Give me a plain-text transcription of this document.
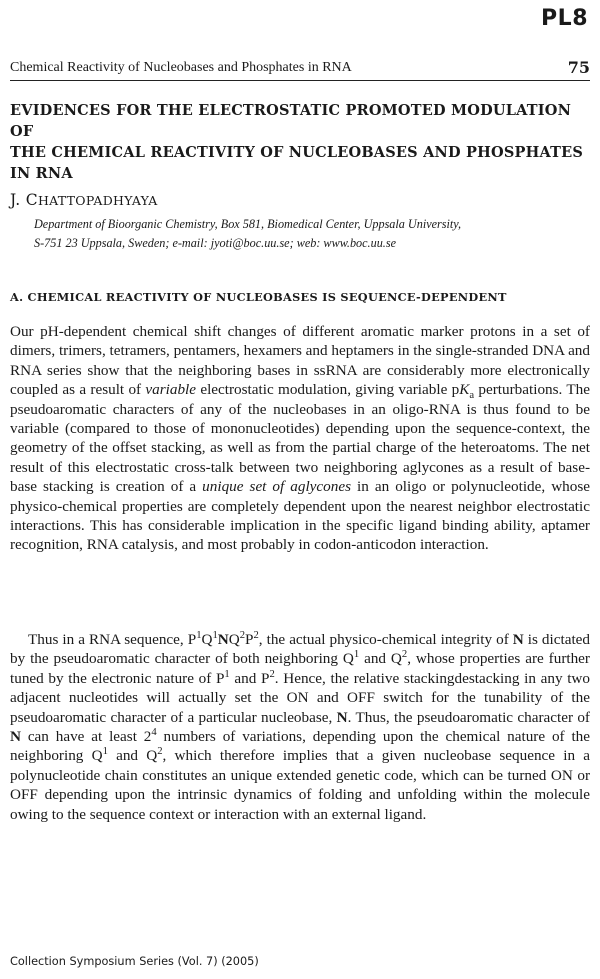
PL8
Chemical Reactivity of Nucleobases and Phosphates in RNA	75
EVIDENCES FOR THE ELECTROSTATIC PROMOTED MODULATION OF
THE CHEMICAL REACTIVITY OF NUCLEOBASES AND PHOSPHATES
IN RNA
J. CHATTOPADHYAYA
Department of Bioorganic Chemistry, Box 581, Biomedical Center, Uppsala University,
S-751 23 Uppsala, Sweden; e-mail: jyoti@boc.uu.se; web: www.boc.uu.se
A. CHEMICAL REACTIVITY OF NUCLEOBASES IS SEQUENCE-DEPENDENT
Our pH-dependent chemical shift changes of different aromatic marker protons in a set of dimers, trimers, tetramers, pentamers, hexamers and heptamers in the single-stranded DNA and RNA series show that the neighboring bases in ssRNA are considerably more electronically coupled as a result of variable electrostatic modulation, giving variable $pK_a$ perturbations. The pseudoaromatic characters of any of the nucleobases in an oligo-RNA is thus found to be variable (compared to those of mononucleotides) depending upon the sequence-context, the geometry of the offset stacking, as well as from the partial charge of the heteroatoms. The net result of this electrostatic cross-talk between two neighboring aglycones as a result of base-base stacking is creation of a unique set of aglycones in an oligo or polynucleotide, whose physico-chemical properties are completely dependent upon the nearest neighbor electrostatic interactions. This has considerable implication in the specific ligand binding ability, aptamer recognition, RNA catalysis, and most probably in codon-anticodon interaction.
Thus in a RNA sequence, $P^1Q^1NQ^2P^2$, the actual physico-chemical integrity of N is dictated by the pseudoaromatic character of both neighboring $Q^1$ and $Q^2$, whose properties are further tuned by the electronic nature of $P^1$ and $P^2$. Hence, the relative stackingdestacking in any two adjacent nucleotides will actually set the ON and OFF switch for the tunability of the pseudoaromatic character of a particular nucleobase, N. Thus, the pseudoaromatic character of N can have at least $2^4$ numbers of variations, depending upon the chemical nature of the neighboring $Q^1$ and $Q^2$, which therefore implies that a given nucleobase sequence in a polynucleotide chain constitutes an unique extended genetic code, which can be turned ON or OFF depending upon the intrinsic dynamics of folding and unfolding within the molecule owing to the sequence context or interaction with an external ligand.
Collection Symposium Series (Vol. 7) (2005)
